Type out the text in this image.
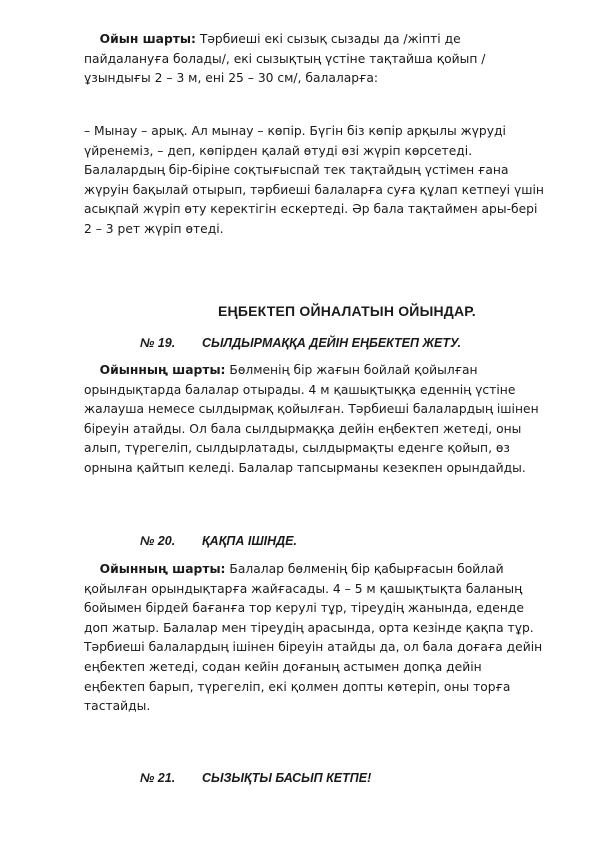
Ойын шарты: Тәрбиеші екі сызық сызады да /жіпті де пайдалануға болады/, екі сызықтың үстіне тақтайша қойып /ұзындығы 2 – 3 м, ені 25 – 30 см/, балаларға:

– Мынау – арық. Ал мынау – көпір. Бүгін біз көпір арқылы жүруді үйренеміз, – деп, көпірден қалай өтуді өзі жүріп көрсетеді. Балалардың бір-біріне соқтығыспай тек тақтайдың үстімен ғана жүруін бақылай отырып, тәрбиеші балаларға суға құлап кетпеуі үшін асықпай жүріп өту керектігін ескертеді. Әр бала тақтаймен ары-бері 2 – 3 рет жүріп өтеді.

ЕҢБЕКТЕП ОЙНАЛАТЫН ОЙЫНДАР.
№ 19. СЫЛДЫРМАҚҚА ДЕЙІН ЕҢБЕКТЕП ЖЕТУ.

Ойынның шарты: Бөлменің бір жағын бойлай қойылған орындықтарда балалар отырады. 4 м қашықтыққа еденнің үстіне жалауша немесе сылдырмақ қойылған. Тәрбиеші балалардың ішінен біреуін атайды. Ол бала сылдырмаққа дейін еңбектеп жетеді, оны алып, түрегеліп, сылдырлатады, сылдырмақты еденге қойып, өз орнына қайтып келеді. Балалар тапсырманы кезекпен орындайды.

№ 20. ҚАҚПА ІШІНДЕ.

Ойынның шарты: Балалар бөлменің бір қабырғасын бойлай қойылған орындықтарға жайғасады. 4 – 5 м қашықтықта баланың бойымен бірдей бағанға тор керулі тұр, тіреудің жанында, еденде доп жатыр. Балалар мен тіреудің арасында, орта кезінде қақпа тұр. Тәрбиеші балалардың ішінен біреуін атайды да, ол бала доғаға дейін еңбектеп жетеді, содан кейін доғаның астымен допқа дейін еңбектеп барып, түрегеліп, екі қолмен допты көтеріп, оны торға тастайды.

№ 21. СЫЗЫҚТЫ БАСЫП КЕТПЕ!
